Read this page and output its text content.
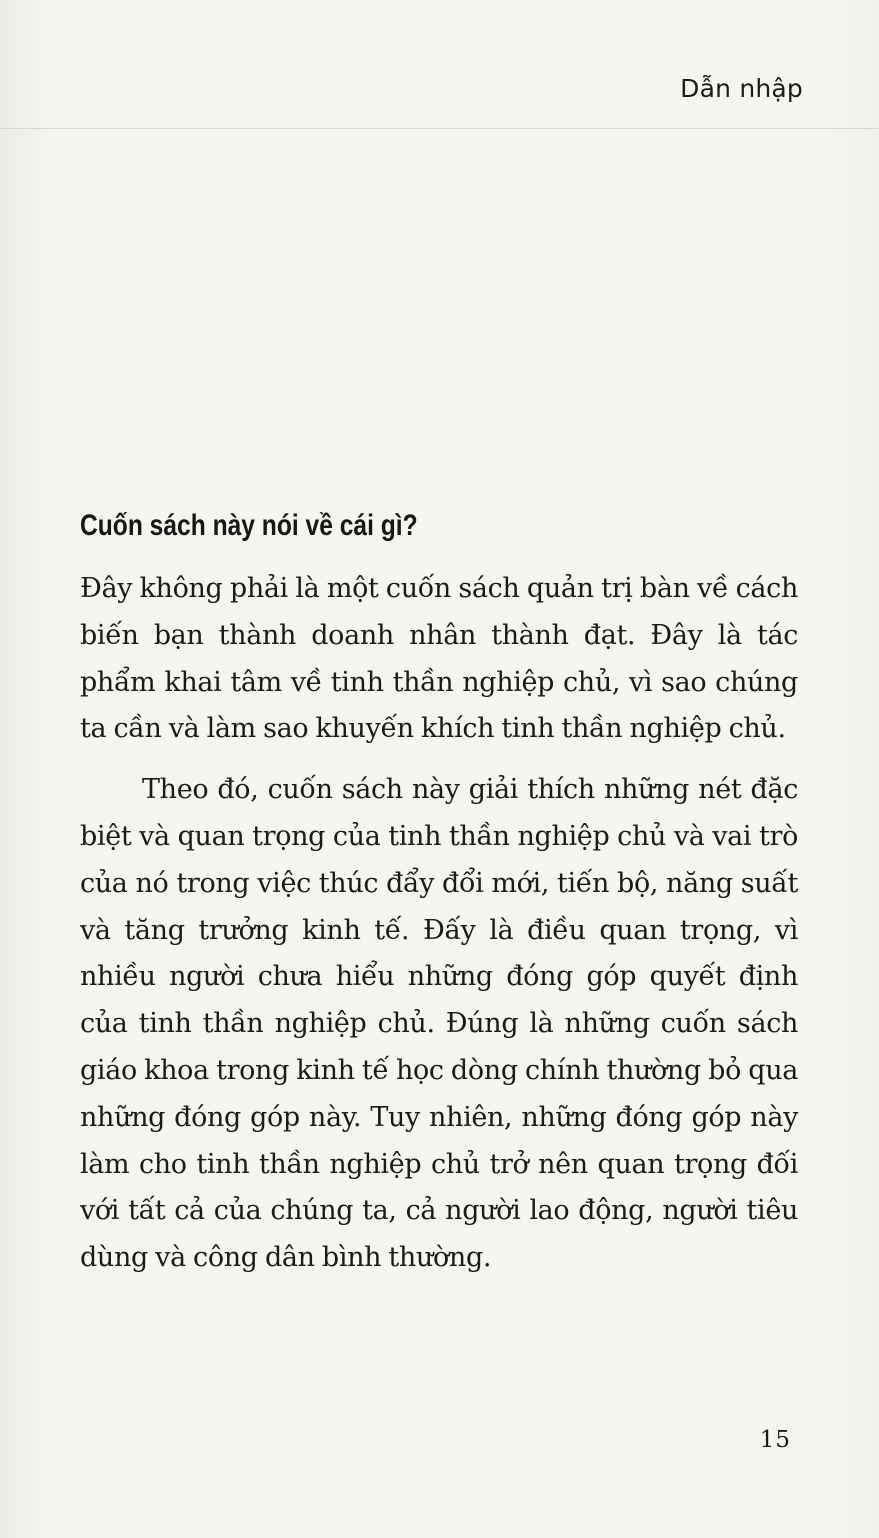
Dẫn nhập
Cuốn sách này nói về cái gì?

Đây không phải là một cuốn sách quản trị bàn về cách biến bạn thành doanh nhân thành đạt. Đây là tác phẩm khai tâm về tinh thần nghiệp chủ, vì sao chúng ta cần và làm sao khuyến khích tinh thần nghiệp chủ.

Theo đó, cuốn sách này giải thích những nét đặc biệt và quan trọng của tinh thần nghiệp chủ và vai trò của nó trong việc thúc đẩy đổi mới, tiến bộ, năng suất và tăng trưởng kinh tế. Đấy là điều quan trọng, vì nhiều người chưa hiểu những đóng góp quyết định của tinh thần nghiệp chủ. Đúng là những cuốn sách giáo khoa trong kinh tế học dòng chính thường bỏ qua những đóng góp này. Tuy nhiên, những đóng góp này làm cho tinh thần nghiệp chủ trở nên quan trọng đối với tất cả của chúng ta, cả người lao động, người tiêu dùng và công dân bình thường.

15
